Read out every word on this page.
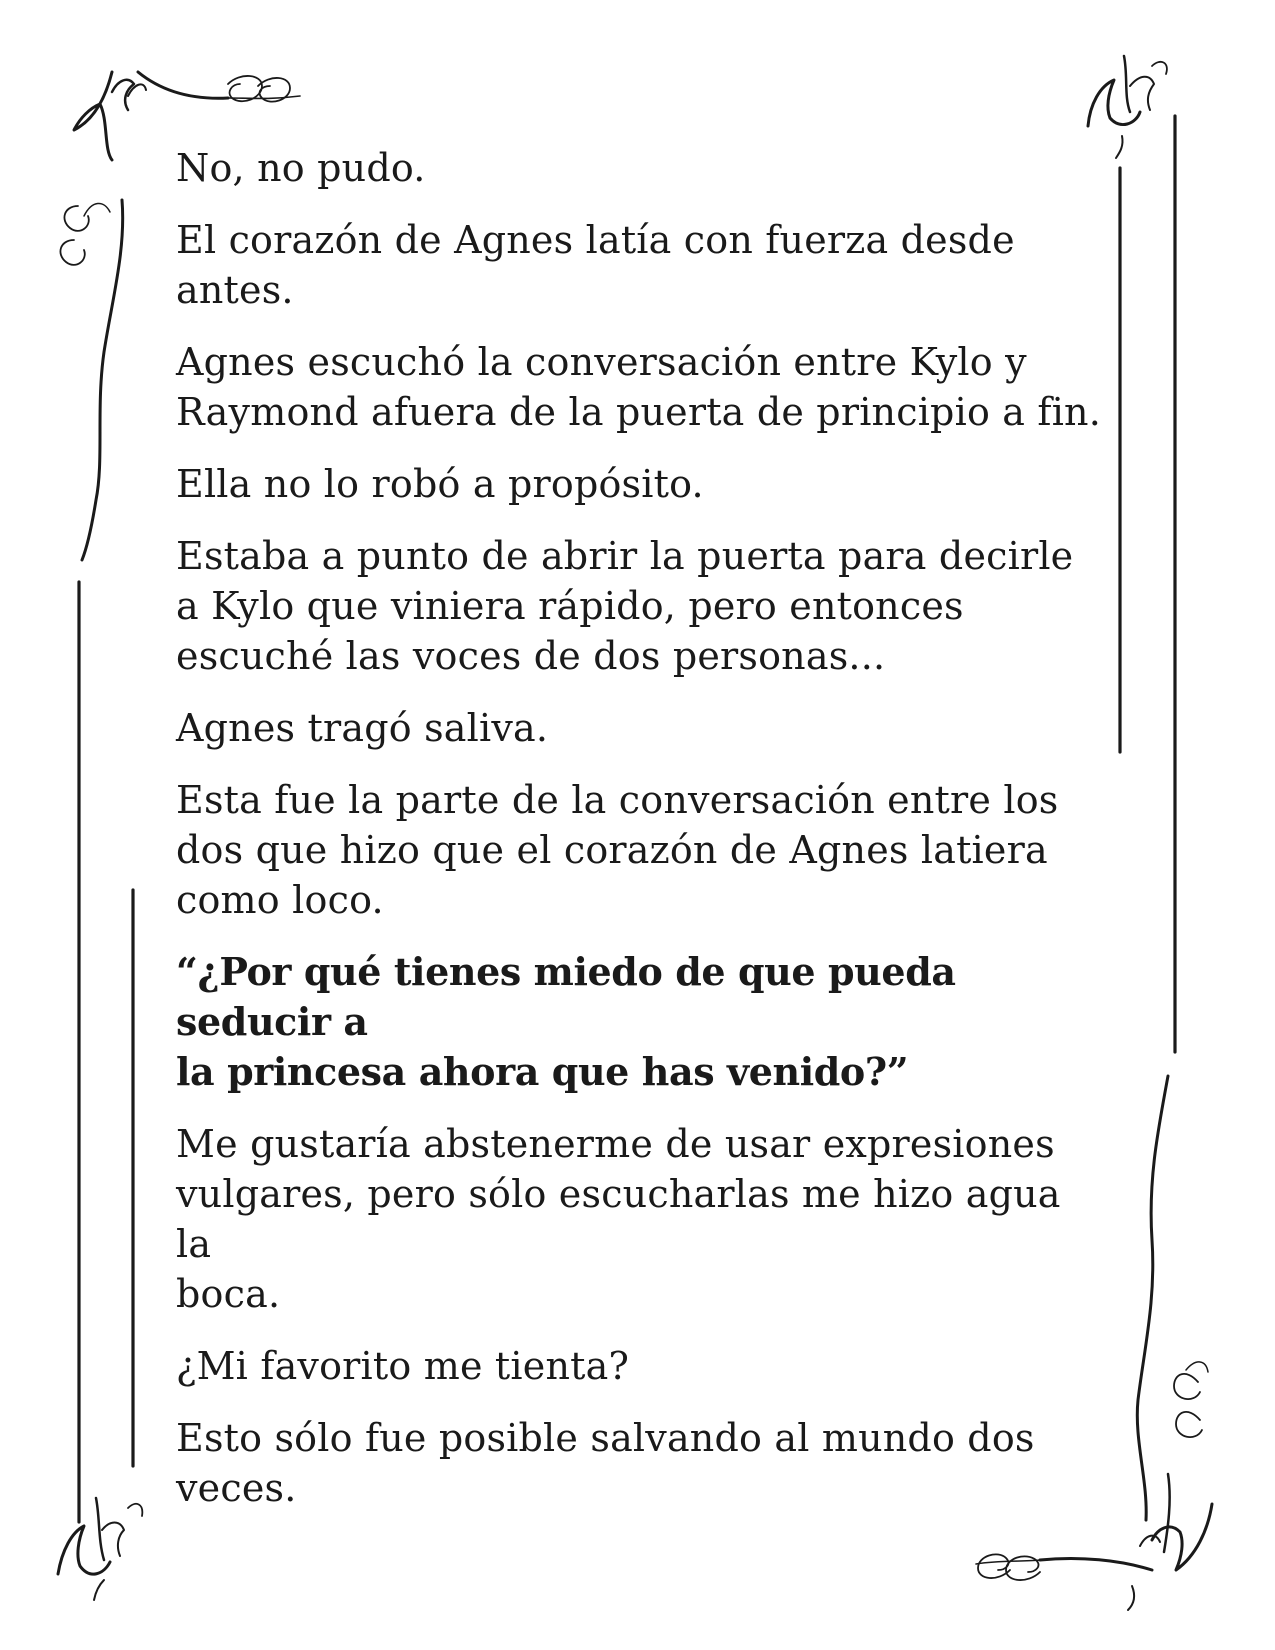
No, no pudo.

El corazón de Agnes latía con fuerza desde
antes.

Agnes escuchó la conversación entre Kylo y
Raymond afuera de la puerta de principio a fin.

Ella no lo robó a propósito.

Estaba a punto de abrir la puerta para decirle
a Kylo que viniera rápido, pero entonces
escuché las voces de dos personas...

Agnes tragó saliva.

Esta fue la parte de la conversación entre los
dos que hizo que el corazón de Agnes latiera
como loco.

“¿Por qué tienes miedo de que pueda seducir a
la princesa ahora que has venido?”

Me gustaría abstenerme de usar expresiones
vulgares, pero sólo escucharlas me hizo agua la
boca.

¿Mi favorito me tienta?

Esto sólo fue posible salvando al mundo dos
veces.
